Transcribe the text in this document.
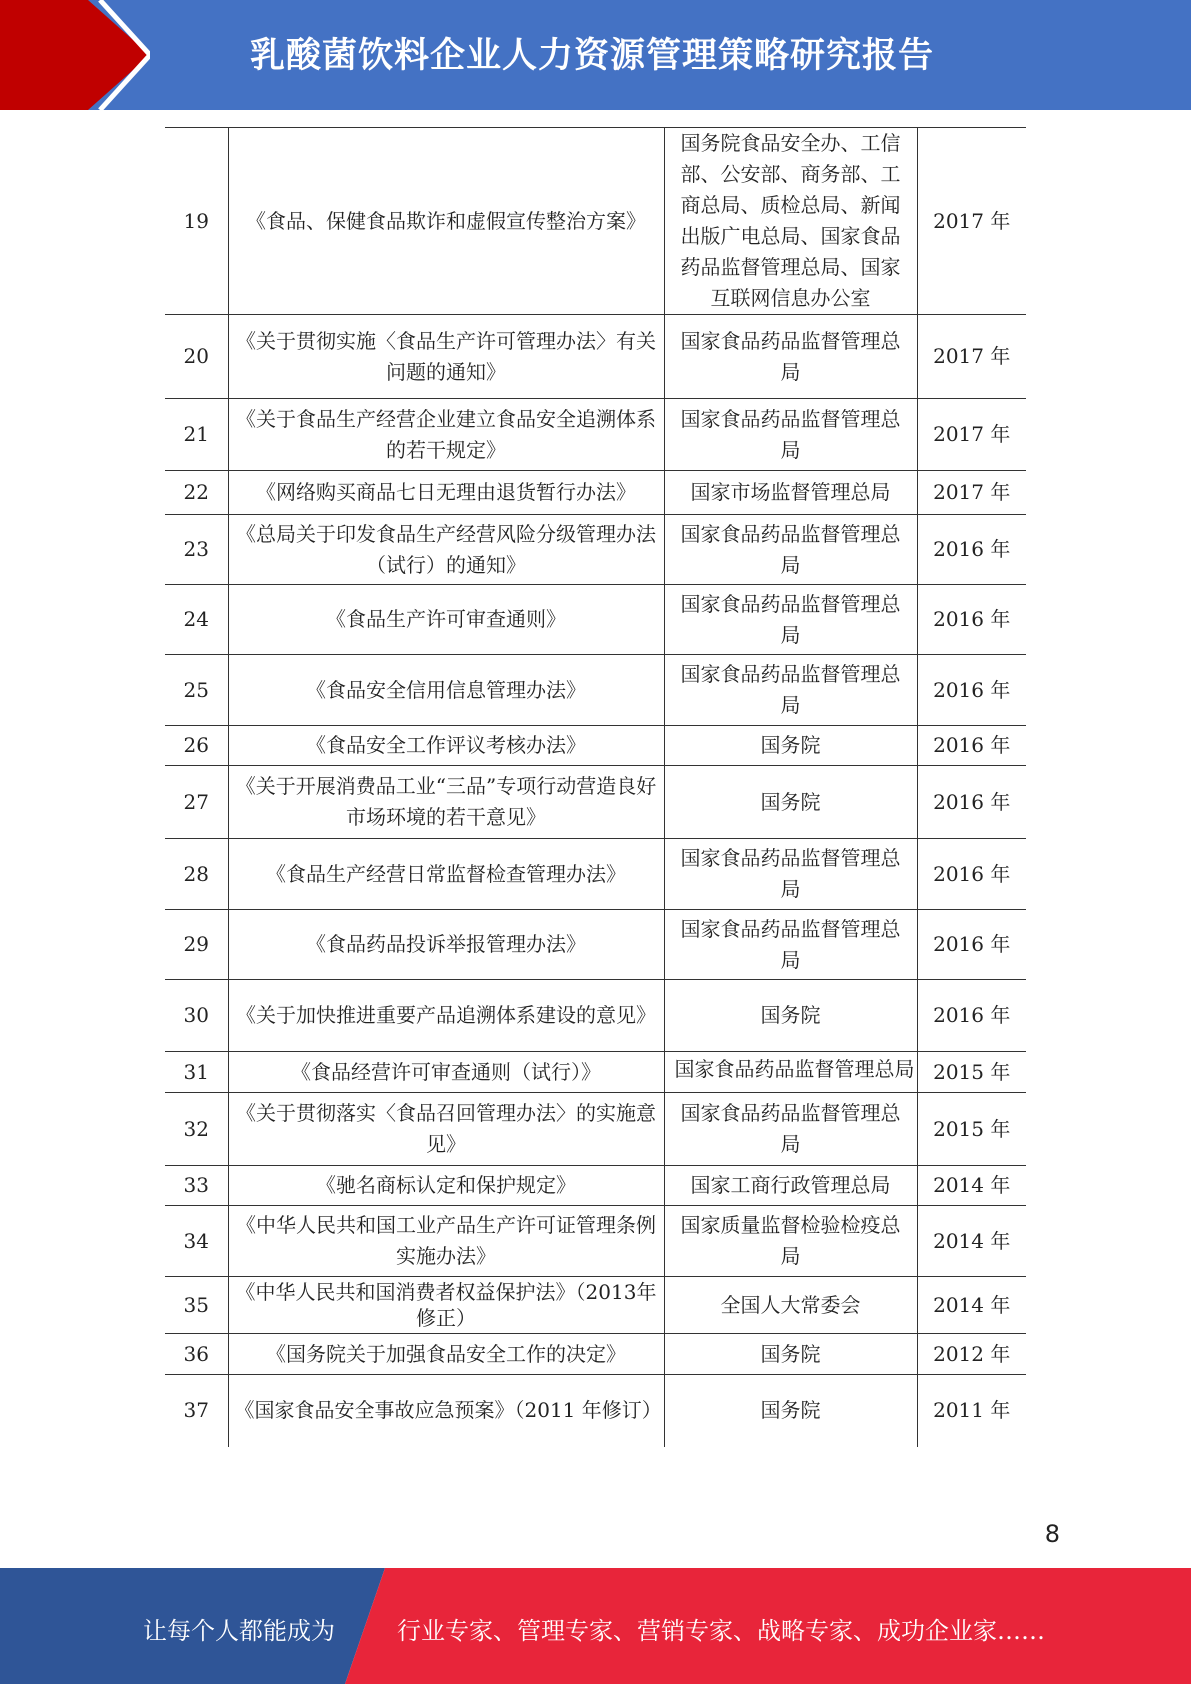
乳酸菌饮料企业人力资源管理策略研究报告
19	《食品、保健食品欺诈和虚假宣传整治方案》	国务院食品安全办、工信部、公安部、商务部、工商总局、质检总局、新闻出版广电总局、国家食品药品监督管理总局、国家互联网信息办公室	2017 年
20	《关于贯彻实施〈食品生产许可管理办法〉有关问题的通知》	国家食品药品监督管理总局	2017 年
21	《关于食品生产经营企业建立食品安全追溯体系的若干规定》	国家食品药品监督管理总局	2017 年
22	《网络购买商品七日无理由退货暂行办法》	国家市场监督管理总局	2017 年
23	《总局关于印发食品生产经营风险分级管理办法（试行）的通知》	国家食品药品监督管理总局	2016 年
24	《食品生产许可审查通则》	国家食品药品监督管理总局	2016 年
25	《食品安全信用信息管理办法》	国家食品药品监督管理总局	2016 年
26	《食品安全工作评议考核办法》	国务院	2016 年
27	《关于开展消费品工业“三品”专项行动营造良好市场环境的若干意见》	国务院	2016 年
28	《食品生产经营日常监督检查管理办法》	国家食品药品监督管理总局	2016 年
29	《食品药品投诉举报管理办法》	国家食品药品监督管理总局	2016 年
30	《关于加快推进重要产品追溯体系建设的意见》	国务院	2016 年
31	《食品经营许可审查通则（试行）》	国家食品药品监督管理总局	2015 年
32	《关于贯彻落实〈食品召回管理办法〉的实施意见》	国家食品药品监督管理总局	2015 年
33	《驰名商标认定和保护规定》	国家工商行政管理总局	2014 年
34	《中华人民共和国工业产品生产许可证管理条例实施办法》	国家质量监督检验检疫总局	2014 年
35	《中华人民共和国消费者权益保护法》（2013年修正）	全国人大常委会	2014 年
36	《国务院关于加强食品安全工作的决定》	国务院	2012 年
37	《国家食品安全事故应急预案》（2011 年修订）	国务院	2011 年
8
让每个人都能成为	行业专家、管理专家、营销专家、战略专家、成功企业家……
